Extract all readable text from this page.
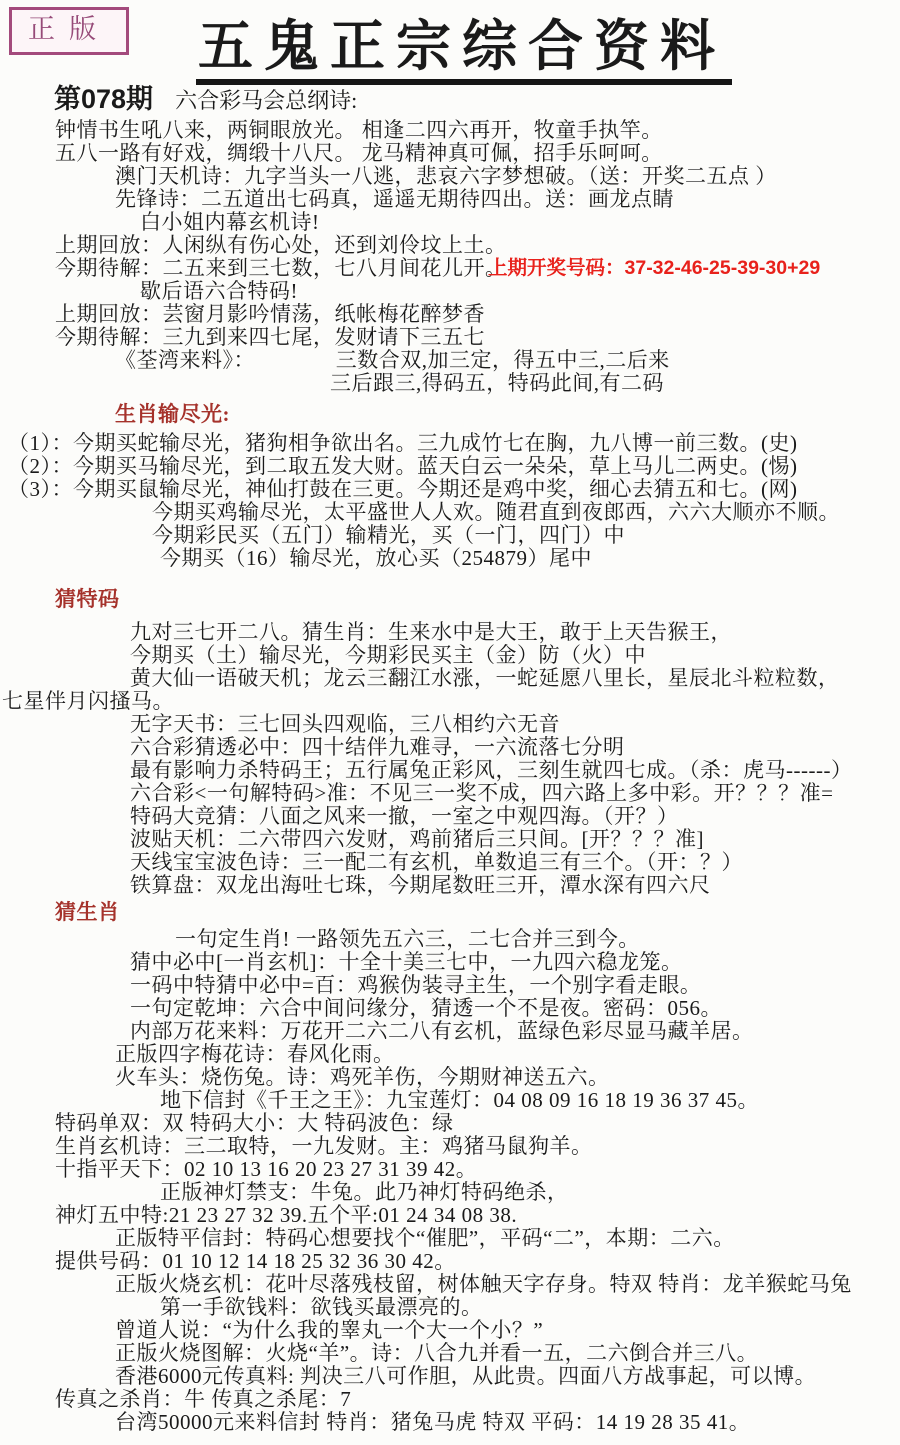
正版	五鬼正宗综合资料
第078期 六合彩马会总纲诗:
钟情书生吼八来，两铜眼放光。 相逢二四六再开，牧童手执竿。
五八一路有好戏，绸缎十八尺。 龙马精神真可佩，招手乐呵呵。
澳门天机诗：九字当头一八逃，悲哀六字梦想破。（送：开奖二五点 ）
先锋诗：二五道出七码真，遥遥无期待四出。送：画龙点睛
白小姐内幕玄机诗!
上期回放：人闲纵有伤心处，还到刘伶坟上土。
今期待解：二五来到三七数，七八月间花儿开。
上期开奖号码：37-32-46-25-39-30+29
歇后语六合特码!
上期回放：芸窗月影吟情荡，纸帐梅花醉梦香
今期待解：三九到来四七尾，发财请下三五七
《荃湾来料》：	三数合双,加三定，得五中三,二后来
三后跟三,得码五，特码此间,有二码
生肖输尽光:
（1）：今期买蛇输尽光，猪狗相争欲出名。三九成竹七在胸，九八博一前三数。(史)
（2）：今期买马输尽光，到二取五发大财。蓝天白云一朵朵，草上马儿二两史。(惕)
（3）：今期买鼠输尽光，神仙打鼓在三更。今期还是鸡中奖，细心去猜五和七。(网)
今期买鸡输尽光，太平盛世人人欢。随君直到夜郎西，六六大顺亦不顺。
今期彩民买（五门）输精光，买（一门，四门）中
今期买（16）输尽光，放心买（254879）尾中
猜特码
九对三七开二八。猜生肖：生来水中是大王，敢于上天告猴王，
今期买（土）输尽光，今期彩民买主（金）防（火）中
黄大仙一语破天机；龙云三翻江水涨，一蛇延愿八里长，星辰北斗粒粒数，
七星伴月闪搔马。
无字天书：三七回头四观临，三八相约六无音
六合彩猜透必中：四十结伴九难寻，一六流落七分明
最有影响力杀特码王；五行属兔正彩风，三刻生就四七成。（杀：虎马------）
六合彩<一句解特码>准：不见三一奖不成，四六路上多中彩。开？？？准=
特码大竞猜：八面之风来一撤，一室之中观四海。（开？）
波贴天机：二六带四六发财，鸡前猪后三只间。[开？？？准]
天线宝宝波色诗：三一配二有玄机，单数追三有三个。（开：？）
铁算盘：双龙出海吐七珠，今期尾数旺三开，潭水深有四六尺
猜生肖
一句定生肖! 一路领先五六三，二七合并三到今。
猜中必中[一肖玄机]：十全十美三七中，一九四六稳龙笼。
一码中特猜中必中=百：鸡猴伪装寻主生，一个别字看走眼。
一句定乾坤：六合中间问缘分，猜透一个不是夜。密码：056。
内部万花来料：万花开二六二八有玄机，蓝绿色彩尽显马藏羊居。
正版四字梅花诗：春风化雨。
火车头：烧伤兔。诗：鸡死羊伤，今期财神送五六。
地下信封《千王之王》：九宝莲灯：04 08 09 16 18 19 36 37 45。
特码单双：双 特码大小：大 特码波色：绿
生肖玄机诗：三二取特，一九发财。主：鸡猪马鼠狗羊。
十指平天下：02 10 13 16 20 23 27 31 39 42。
正版神灯禁支：牛兔。此乃神灯特码绝杀，
神灯五中特:21 23 27 32 39.五个平:01 24 34 08 38.
正版特平信封：特码心想要找个“催肥”，平码“二”，本期：二六。
提供号码：01 10 12 14 18 25 32 36 30 42。
正版火烧玄机：花叶尽落残枝留，树体触天字存身。特双 特肖：龙羊猴蛇马兔
第一手欲钱料：欲钱买最漂亮的。
曾道人说：“为什么我的睾丸一个大一个小？”
正版火烧图解：火烧“羊”。诗：八合九并看一五，二六倒合并三八。
香港6000元传真料: 判决三八可作胆，从此贵。四面八方战事起，可以博。
传真之杀肖：牛 传真之杀尾：7
台湾50000元来料信封 特肖：猪兔马虎 特双 平码：14 19 28 35 41。
